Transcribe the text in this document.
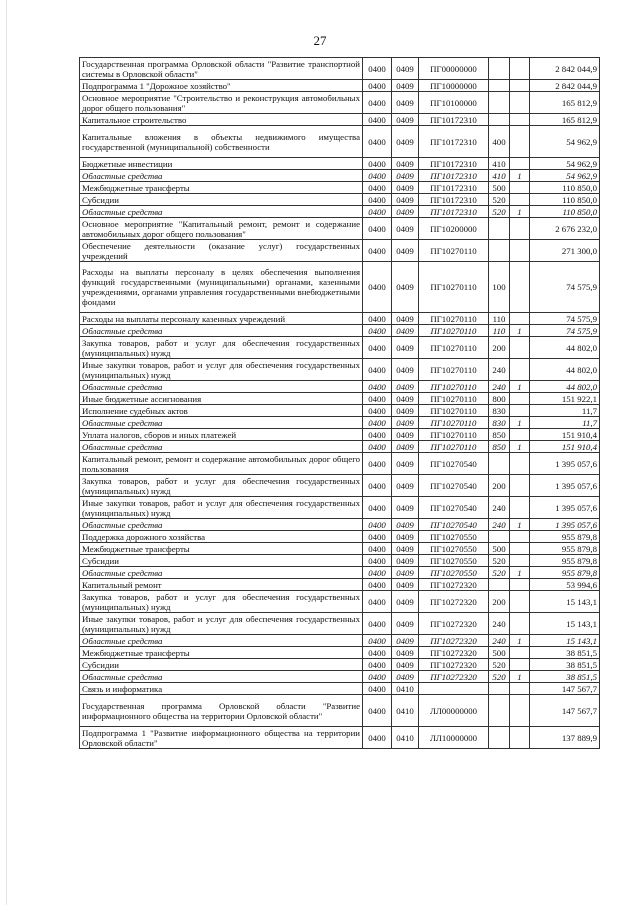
27
Государственная программа Орловской области "Развитие транспортной системы в Орловской области"	0400	0409	ПГ00000000			2 842 044,9
Подпрограмма 1 "Дорожное хозяйство"	0400	0409	ПГ10000000			2 842 044,9
Основное мероприятие "Строительство и реконструкция автомобильных дорог общего пользования"	0400	0409	ПГ10100000			165 812,9
Капитальное строительство	0400	0409	ПГ10172310			165 812,9
Капитальные вложения в объекты недвижимого имущества государственной (муниципальной) собственности	0400	0409	ПГ10172310	400		54 962,9
Бюджетные инвестиции	0400	0409	ПГ10172310	410		54 962,9
Областные средства	0400	0409	ПГ10172310	410	1	54 962,9
Межбюджетные трансферты	0400	0409	ПГ10172310	500		110 850,0
Субсидии	0400	0409	ПГ10172310	520		110 850,0
Областные средства	0400	0409	ПГ10172310	520	1	110 850,0
Основное мероприятие "Капитальный ремонт, ремонт и содержание автомобильных дорог общего пользования"	0400	0409	ПГ10200000			2 676 232,0
Обеспечение деятельности (оказание услуг) государственных учреждений	0400	0409	ПГ10270110			271 300,0
Расходы на выплаты персоналу в целях обеспечения выполнения функций государственными (муниципальными) органами, казенными учреждениями, органами управления государственными внебюджетными фондами	0400	0409	ПГ10270110	100		74 575,9
Расходы на выплаты персоналу казенных учреждений	0400	0409	ПГ10270110	110		74 575,9
Областные средства	0400	0409	ПГ10270110	110	1	74 575,9
Закупка товаров, работ и услуг для обеспечения государственных (муниципальных) нужд	0400	0409	ПГ10270110	200		44 802,0
Иные закупки товаров, работ и услуг для обеспечения государственных (муниципальных) нужд	0400	0409	ПГ10270110	240		44 802,0
Областные средства	0400	0409	ПГ10270110	240	1	44 802,0
Иные бюджетные ассигнования	0400	0409	ПГ10270110	800		151 922,1
Исполнение судебных актов	0400	0409	ПГ10270110	830		11,7
Областные средства	0400	0409	ПГ10270110	830	1	11,7
Уплата налогов, сборов и иных платежей	0400	0409	ПГ10270110	850		151 910,4
Областные средства	0400	0409	ПГ10270110	850	1	151 910,4
Капитальный ремонт, ремонт и содержание автомобильных дорог общего пользования	0400	0409	ПГ10270540			1 395 057,6
Закупка товаров, работ и услуг для обеспечения государственных (муниципальных) нужд	0400	0409	ПГ10270540	200		1 395 057,6
Иные закупки товаров, работ и услуг для обеспечения государственных (муниципальных) нужд	0400	0409	ПГ10270540	240		1 395 057,6
Областные средства	0400	0409	ПГ10270540	240	1	1 395 057,6
Поддержка дорожного хозяйства	0400	0409	ПГ10270550			955 879,8
Межбюджетные трансферты	0400	0409	ПГ10270550	500		955 879,8
Субсидии	0400	0409	ПГ10270550	520		955 879,8
Областные средства	0400	0409	ПГ10270550	520	1	955 879,8
Капитальный ремонт	0400	0409	ПГ10272320			53 994,6
Закупка товаров, работ и услуг для обеспечения государственных (муниципальных) нужд	0400	0409	ПГ10272320	200		15 143,1
Иные закупки товаров, работ и услуг для обеспечения государственных (муниципальных) нужд	0400	0409	ПГ10272320	240		15 143,1
Областные средства	0400	0409	ПГ10272320	240	1	15 143,1
Межбюджетные трансферты	0400	0409	ПГ10272320	500		38 851,5
Субсидии	0400	0409	ПГ10272320	520		38 851,5
Областные средства	0400	0409	ПГ10272320	520	1	38 851,5
Связь и информатика	0400	0410				147 567,7
Государственная программа Орловской области "Развитие информационного общества на территории Орловской области"	0400	0410	ЛЛ00000000			147 567,7
Подпрограмма 1 "Развитие информационного общества на территории Орловской области"	0400	0410	ЛЛ10000000			137 889,9
